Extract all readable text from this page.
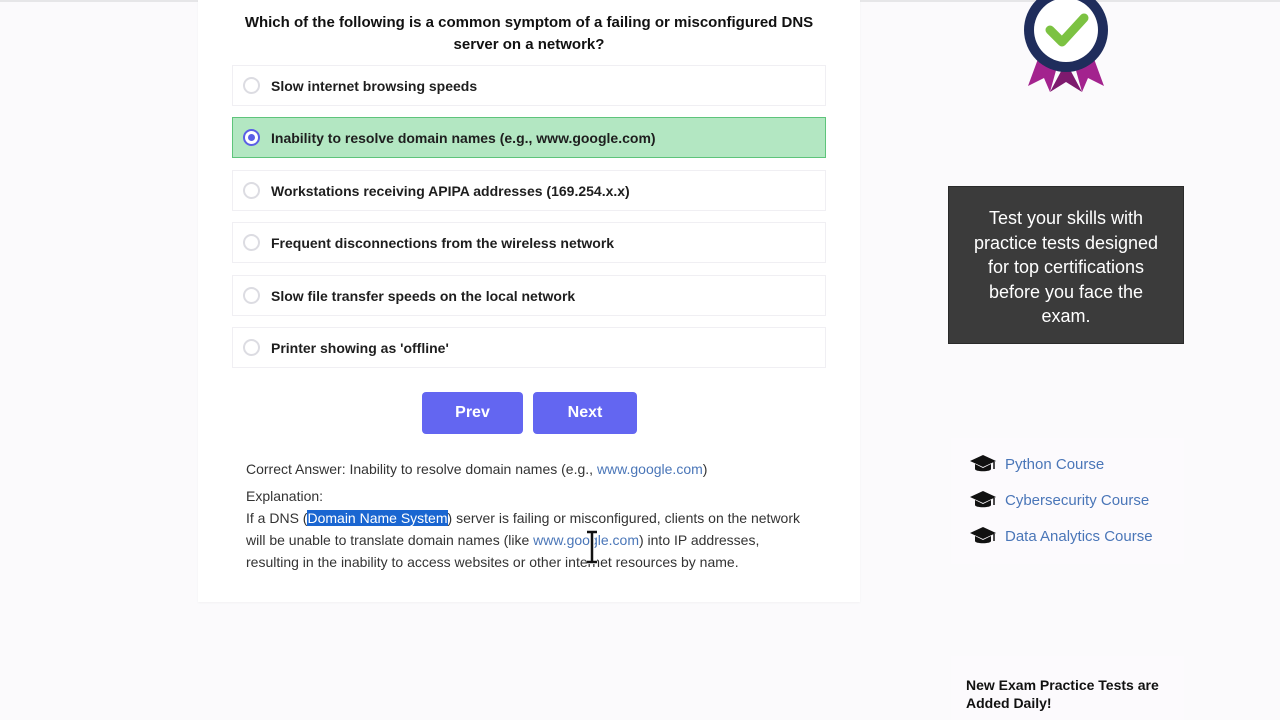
Which of the following is a common symptom of a failing or misconfigured DNS server on a network?
Slow internet browsing speeds
Inability to resolve domain names (e.g., www.google.com)
Workstations receiving APIPA addresses (169.254.x.x)
Frequent disconnections from the wireless network
Slow file transfer speeds on the local network
Printer showing as 'offline'
Prev	Next
Correct Answer: Inability to resolve domain names (e.g., www.google.com)
Explanation:
If a DNS (Domain Name System) server is failing or misconfigured, clients on the network will be unable to translate domain names (like www.google.com) into IP addresses, resulting in the inability to access websites or other internet resources by name.
Test your skills with practice tests designed for top certifications before you face the exam.
Python Course
Cybersecurity Course
Data Analytics Course
New Exam Practice Tests are Added Daily!
